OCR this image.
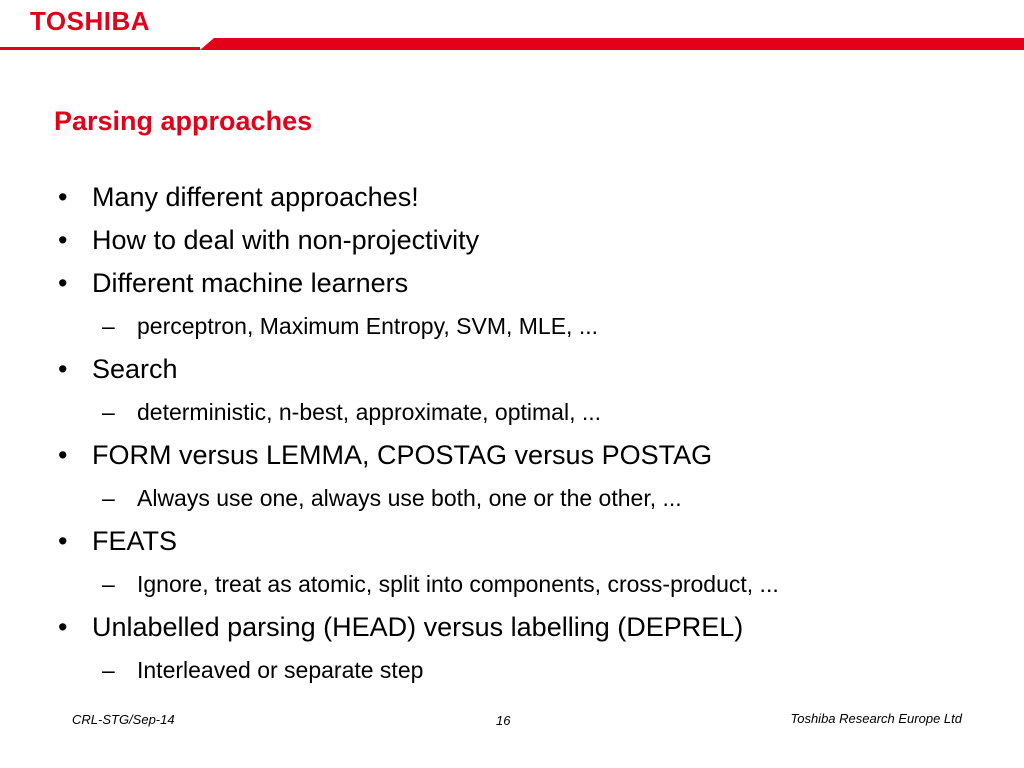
TOSHIBA
Parsing approaches
• Many different approaches!
• How to deal with non-projectivity
• Different machine learners
– perceptron, Maximum Entropy, SVM, MLE, ...
• Search
– deterministic, n-best, approximate, optimal, ...
• FORM versus LEMMA, CPOSTAG versus POSTAG
– Always use one, always use both, one or the other, ...
• FEATS
– Ignore, treat as atomic, split into components, cross-product, ...
• Unlabelled parsing (HEAD) versus labelling (DEPREL)
– Interleaved or separate step
CRL-STG/Sep-14	16	Toshiba Research Europe Ltd
